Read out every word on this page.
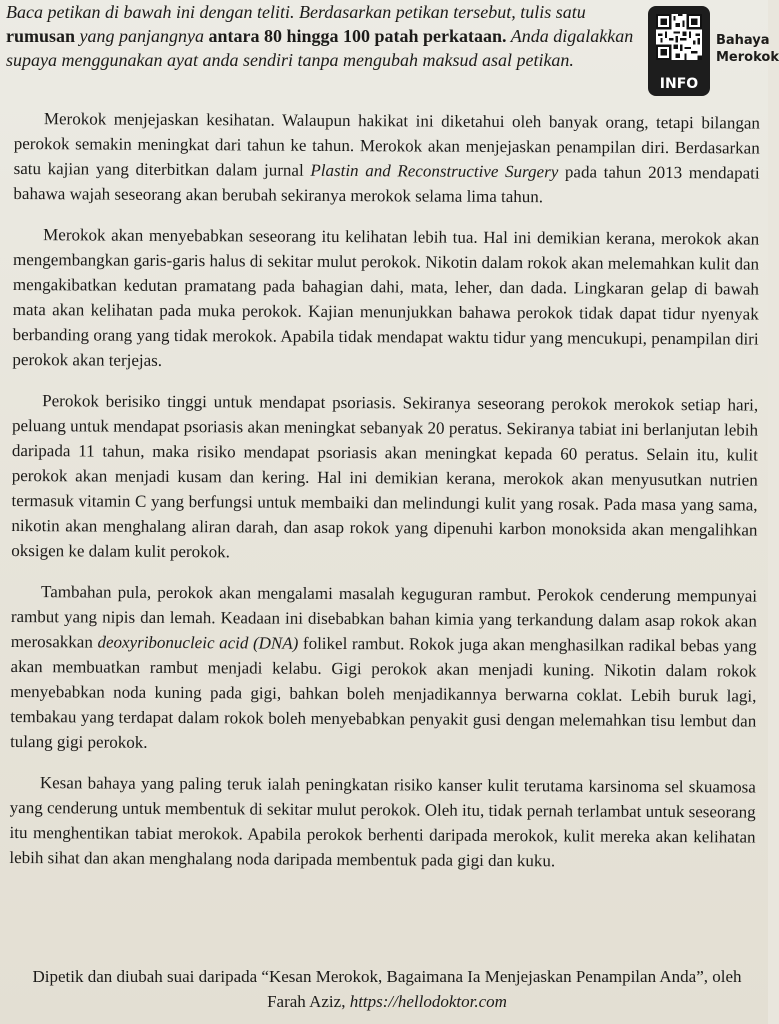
Baca petikan di bawah ini dengan teliti. Berdasarkan petikan tersebut, tulis satu rumusan yang panjangnya antara 80 hingga 100 patah perkataan. Anda digalakkan supaya menggunakan ayat anda sendiri tanpa mengubah maksud asal petikan.
INFO
Bahaya
Merokok

Merokok menjejaskan kesihatan. Walaupun hakikat ini diketahui oleh banyak orang, tetapi bilangan perokok semakin meningkat dari tahun ke tahun. Merokok akan menjejaskan penampilan diri. Berdasarkan satu kajian yang diterbitkan dalam jurnal Plastin and Reconstructive Surgery pada tahun 2013 mendapati bahawa wajah seseorang akan berubah sekiranya merokok selama lima tahun.

Merokok akan menyebabkan seseorang itu kelihatan lebih tua. Hal ini demikian kerana, merokok akan mengembangkan garis-garis halus di sekitar mulut perokok. Nikotin dalam rokok akan melemahkan kulit dan mengakibatkan kedutan pramatang pada bahagian dahi, mata, leher, dan dada. Lingkaran gelap di bawah mata akan kelihatan pada muka perokok. Kajian menunjukkan bahawa perokok tidak dapat tidur nyenyak berbanding orang yang tidak merokok. Apabila tidak mendapat waktu tidur yang mencukupi, penampilan diri perokok akan terjejas.

Perokok berisiko tinggi untuk mendapat psoriasis. Sekiranya seseorang perokok merokok setiap hari, peluang untuk mendapat psoriasis akan meningkat sebanyak 20 peratus. Sekiranya tabiat ini berlanjutan lebih daripada 11 tahun, maka risiko mendapat psoriasis akan meningkat kepada 60 peratus. Selain itu, kulit perokok akan menjadi kusam dan kering. Hal ini demikian kerana, merokok akan menyusutkan nutrien termasuk vitamin C yang berfungsi untuk membaiki dan melindungi kulit yang rosak. Pada masa yang sama, nikotin akan menghalang aliran darah, dan asap rokok yang dipenuhi karbon monoksida akan mengalihkan oksigen ke dalam kulit perokok.

Tambahan pula, perokok akan mengalami masalah keguguran rambut. Perokok cenderung mempunyai rambut yang nipis dan lemah. Keadaan ini disebabkan bahan kimia yang terkandung dalam asap rokok akan merosakkan deoxyribonucleic acid (DNA) folikel rambut. Rokok juga akan menghasilkan radikal bebas yang akan membuatkan rambut menjadi kelabu. Gigi perokok akan menjadi kuning. Nikotin dalam rokok menyebabkan noda kuning pada gigi, bahkan boleh menjadikannya berwarna coklat. Lebih buruk lagi, tembakau yang terdapat dalam rokok boleh menyebabkan penyakit gusi dengan melemahkan tisu lembut dan tulang gigi perokok.

Kesan bahaya yang paling teruk ialah peningkatan risiko kanser kulit terutama karsinoma sel skuamosa yang cenderung untuk membentuk di sekitar mulut perokok. Oleh itu, tidak pernah terlambat untuk seseorang itu menghentikan tabiat merokok. Apabila perokok berhenti daripada merokok, kulit mereka akan kelihatan lebih sihat dan akan menghalang noda daripada membentuk pada gigi dan kuku.

Dipetik dan diubah suai daripada “Kesan Merokok, Bagaimana Ia Menjejaskan Penampilan Anda”, oleh Farah Aziz, https://hellodoktor.com
